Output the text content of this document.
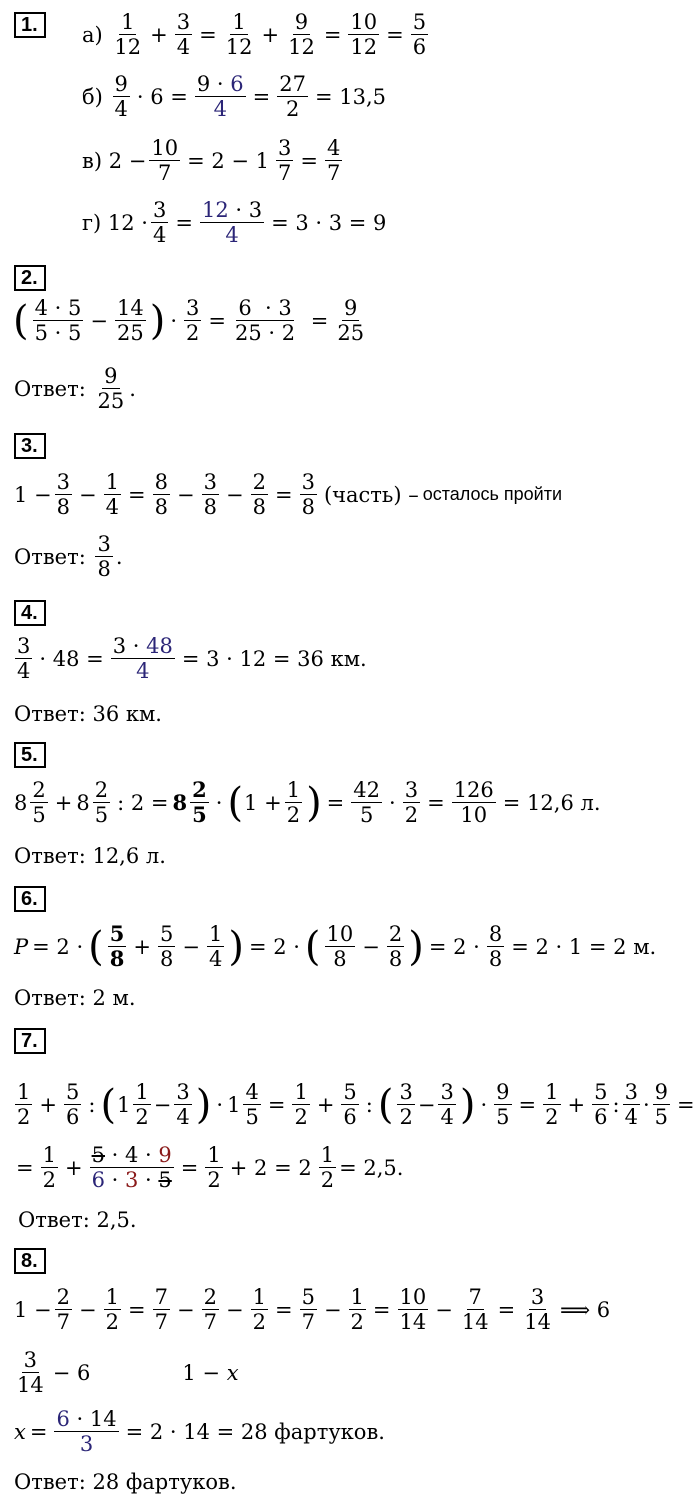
1.	а)
$\frac{1}{12} + \frac{3}{4} = \frac{1}{12} + \frac{9}{12} = \frac{10}{12} = \frac{5}{6}$
б)
$\frac{9}{4} \cdot 6 = \frac{9 \cdot 6}{4} = \frac{27}{2} = 13,5$
в)
$2 - \frac{10}{7} = 2 - 1 \frac{3}{7} = \frac{4}{7}$
г)
$12 \cdot \frac{3}{4} = \frac{12 \cdot 3}{4} = 3 \cdot 3 = 9$
2.
( $\frac{4 \cdot 5}{5 \cdot 5} - \frac{14}{25}$ ) · $\frac{3}{2} = \frac{6 \cdot 3}{25 \cdot 2} = \frac{9}{25}$
Ответ:
$\frac{9}{25}$ .
3.
$1 - \frac{3}{8} - \frac{1}{4} = \frac{8}{8} - \frac{3}{8} - \frac{2}{8} = \frac{3}{8}$ (часть) – осталось пройти
Ответ:
$\frac{3}{8}$ .
4.
$\frac{3}{4} \cdot 48 = \frac{3 \cdot 48}{4} = 3 \cdot 12 = 36$ км.
Ответ: 36 км.
5.
$8 \frac{2}{5} + 8 \frac{2}{5}$ : $2 = 8 \frac{2}{5}$ · ( $1 + \frac{1}{2}$ ) = $\frac{42}{5} \cdot \frac{3}{2} = \frac{126}{10} = 12,6$ л.
Ответ: 12,6 л.
6.
P = 2 · ( $\frac{5}{8} + \frac{5}{8} - \frac{1}{4}$ ) = 2 · ( $\frac{10}{8} - \frac{2}{8}$ ) = $2 \cdot \frac{8}{8} = 2 \cdot 1 = 2$ м.
Ответ: 2 м.
7.
$\frac{1}{2} + \frac{5}{6}$ : ( $1 \frac{1}{2} - \frac{3}{4}$ ) · $1 \frac{4}{5} = \frac{1}{2} + \frac{5}{6}$ : ( $\frac{3}{2} - \frac{3}{4}$ ) · $\frac{9}{5} = \frac{1}{2} + \frac{5}{6}$ : $\frac{3}{4} \cdot \frac{9}{5}$ =
= $\frac{1}{2} + \frac{5 \cdot 4 \cdot 9}{6 \cdot 3 \cdot 5} = \frac{1}{2} + 2 = 2 \frac{1}{2} = 2,5$.
Ответ: 2,5.
8.
$1 - \frac{2}{7} - \frac{1}{2} = \frac{7}{7} - \frac{2}{7} - \frac{1}{2} = \frac{5}{7} - \frac{1}{2} = \frac{10}{14} - \frac{7}{14} = \frac{3}{14}$ ⟹ 6
$\frac{3}{14} - 6$	1 − x
$x = \frac{6 \cdot 14}{3} = 2 \cdot 14 = 28$ фартуков.
Ответ: 28 фартуков.
